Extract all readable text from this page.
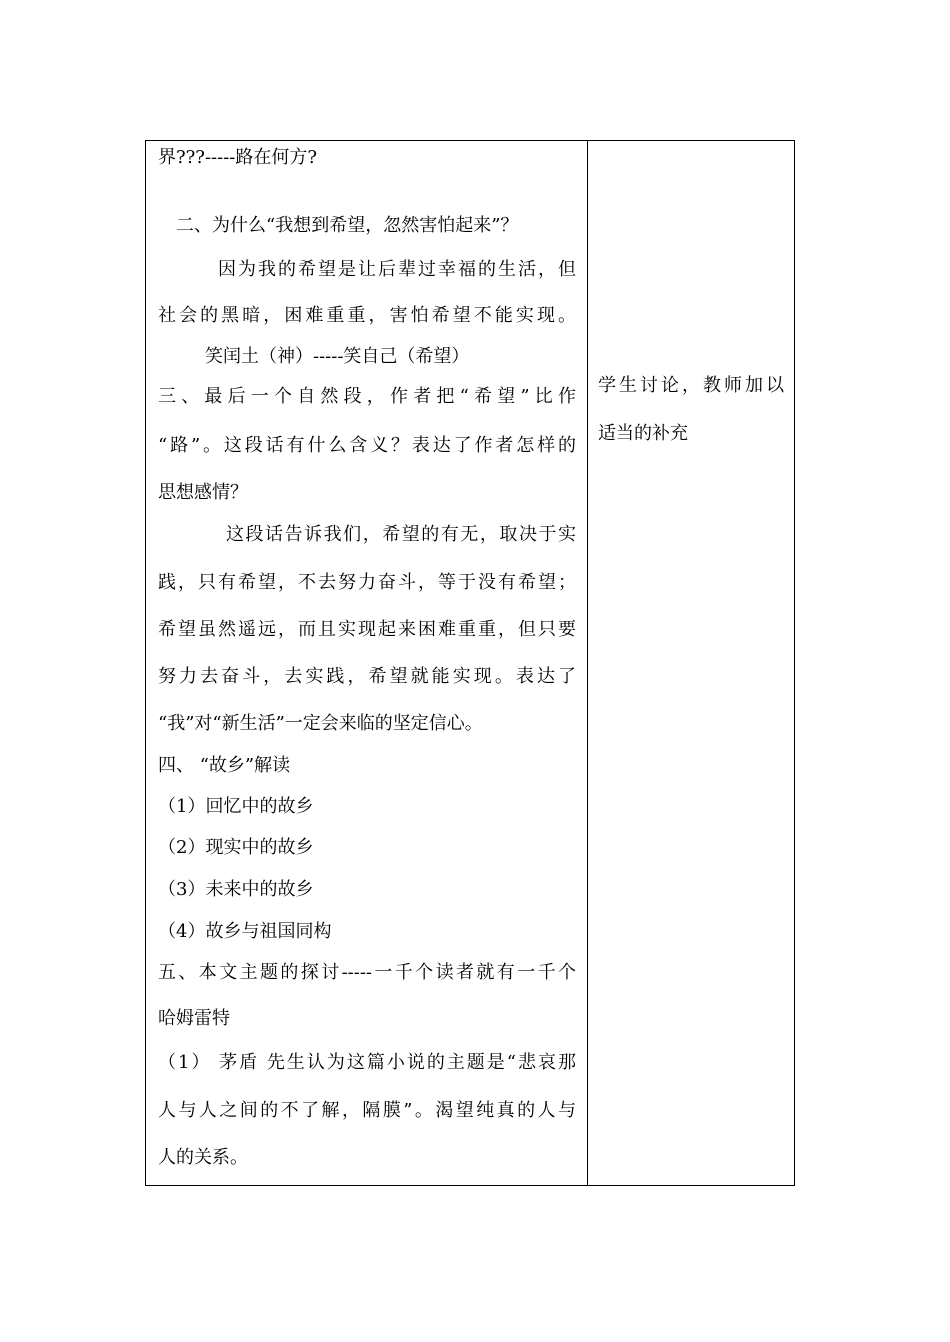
界???-----路在何方?
二、为什么“我想到希望，忽然害怕起来”？
因为我的希望是让后辈过幸福的生活，但
社会的黑暗，困难重重，害怕希望不能实现。
笑闰土（神）-----笑自己（希望）
三、最后一个自然段，作者把“希望”比作
“路”。这段话有什么含义？表达了作者怎样的
思想感情？
这段话告诉我们，希望的有无，取决于实
践，只有希望，不去努力奋斗，等于没有希望；
希望虽然遥远，而且实现起来困难重重，但只要
努力去奋斗，去实践，希望就能实现。表达了
“我”对“新生活”一定会来临的坚定信心。
四、 “故乡”解读
（1）回忆中的故乡
（2）现实中的故乡
（3）未来中的故乡
（4）故乡与祖国同构
五、本文主题的探讨-----一千个读者就有一千个
哈姆雷特
（1） 茅盾 先生认为这篇小说的主题是“悲哀那
人与人之间的不了解，隔膜”。渴望纯真的人与
人的关系。
学生讨论，教师加以
适当的补充
